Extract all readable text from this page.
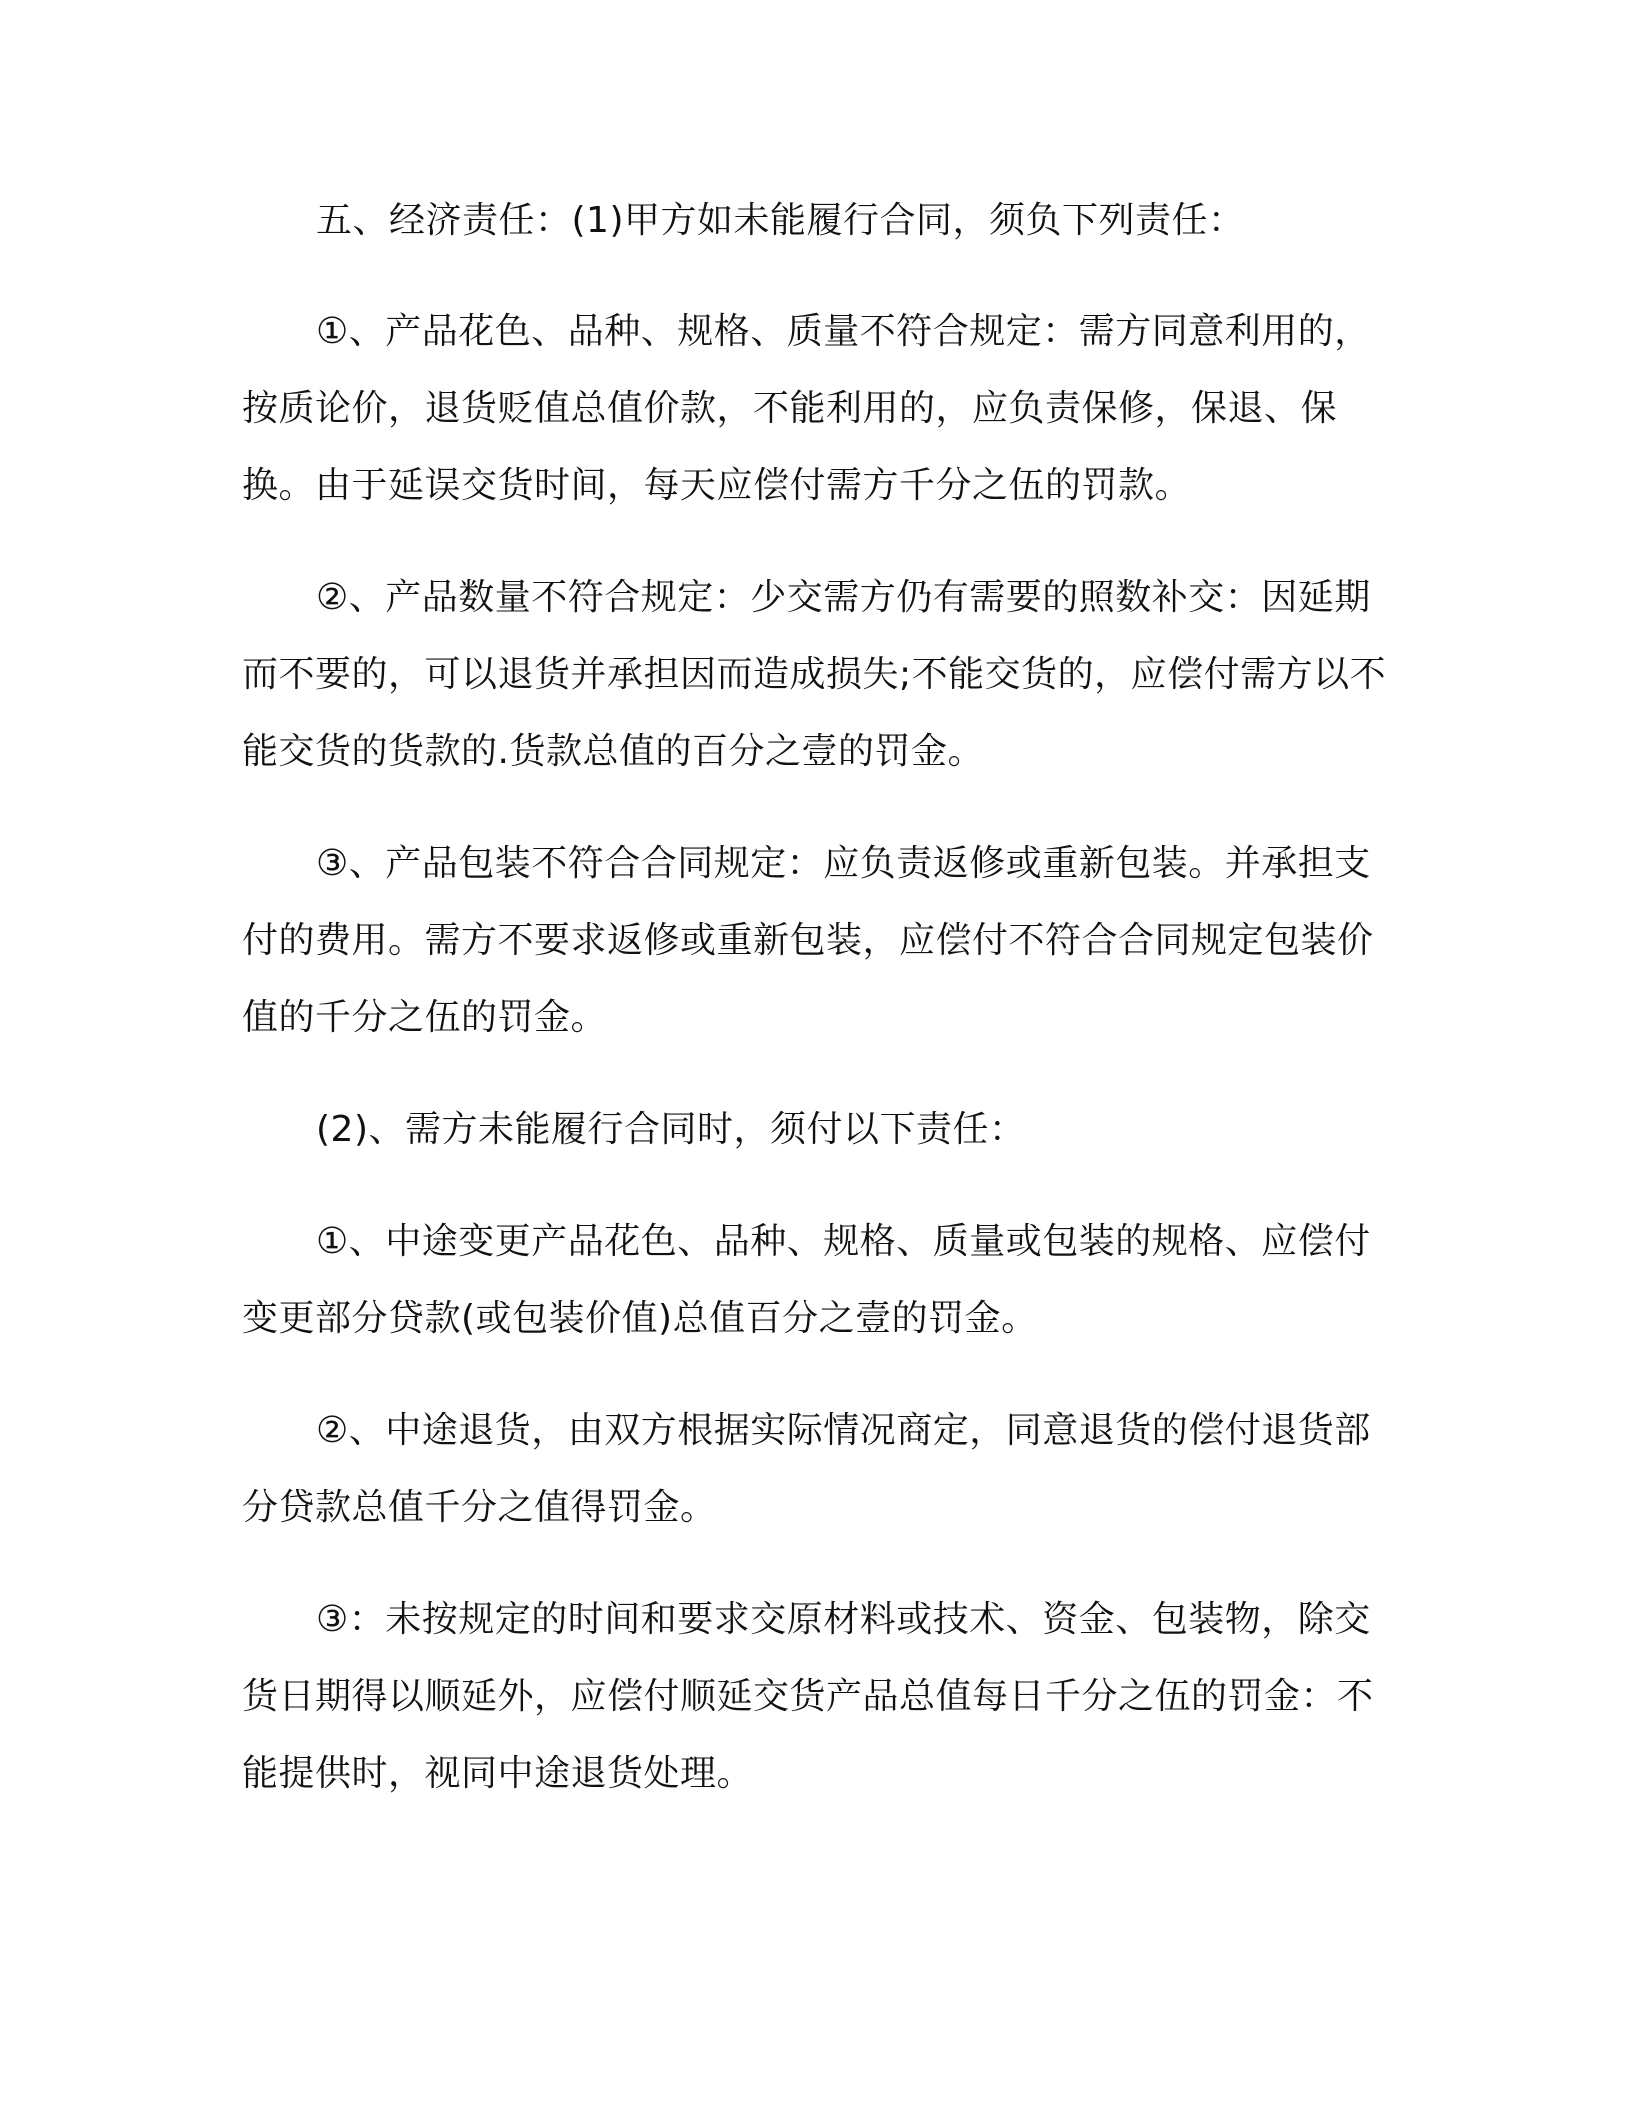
五、经济责任：(1)甲方如未能履行合同，须负下列责任：

①、产品花色、品种、规格、质量不符合规定：需方同意利用的，按质论价，退货贬值总值价款，不能利用的，应负责保修，保退、保换。由于延误交货时间，每天应偿付需方千分之伍的罚款。

②、产品数量不符合规定：少交需方仍有需要的照数补交：因延期而不要的，可以退货并承担因而造成损失;不能交货的，应偿付需方以不能交货的货款的.货款总值的百分之壹的罚金。

③、产品包装不符合合同规定：应负责返修或重新包装。并承担支付的费用。需方不要求返修或重新包装，应偿付不符合合同规定包装价值的千分之伍的罚金。

(2)、需方未能履行合同时，须付以下责任：

①、中途变更产品花色、品种、规格、质量或包装的规格、应偿付变更部分贷款(或包装价值)总值百分之壹的罚金。

②、中途退货，由双方根据实际情况商定，同意退货的偿付退货部分贷款总值千分之值得罚金。

③：未按规定的时间和要求交原材料或技术、资金、包装物，除交货日期得以顺延外，应偿付顺延交货产品总值每日千分之伍的罚金：不能提供时，视同中途退货处理。
